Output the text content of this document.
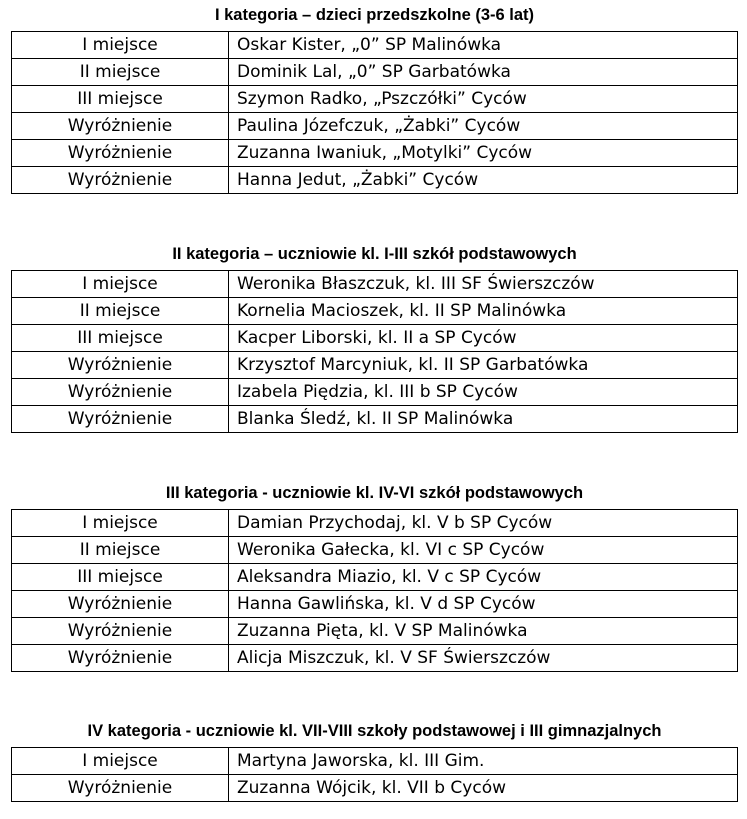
I kategoria – dzieci przedszkolne (3-6 lat)
I miejsce	Oskar Kister, „0” SP Malinówka
II miejsce	Dominik Lal, „0” SP Garbatówka
III miejsce	Szymon Radko, „Pszczółki” Cyców
Wyróżnienie	Paulina Józefczuk, „Żabki” Cyców
Wyróżnienie	Zuzanna Iwaniuk, „Motylki” Cyców
Wyróżnienie	Hanna Jedut, „Żabki” Cyców
II kategoria – uczniowie kl. I-III szkół podstawowych
I miejsce	Weronika Błaszczuk, kl. III SF Świerszczów
II miejsce	Kornelia Macioszek, kl. II SP Malinówka
III miejsce	Kacper Liborski, kl. II a SP Cyców
Wyróżnienie	Krzysztof Marcyniuk, kl. II SP Garbatówka
Wyróżnienie	Izabela Piędzia, kl. III b SP Cyców
Wyróżnienie	Blanka Śledź, kl. II SP Malinówka
III kategoria - uczniowie kl. IV-VI szkół podstawowych
I miejsce	Damian Przychodaj, kl. V b SP Cyców
II miejsce	Weronika Gałecka, kl. VI c SP Cyców
III miejsce	Aleksandra Miazio, kl. V c SP Cyców
Wyróżnienie	Hanna Gawlińska, kl. V d SP Cyców
Wyróżnienie	Zuzanna Pięta, kl. V SP Malinówka
Wyróżnienie	Alicja Miszczuk, kl. V SF Świerszczów
IV kategoria - uczniowie kl. VII-VIII szkoły podstawowej i III gimnazjalnych
I miejsce	Martyna Jaworska, kl. III Gim.
Wyróżnienie	Zuzanna Wójcik, kl. VII b Cyców
